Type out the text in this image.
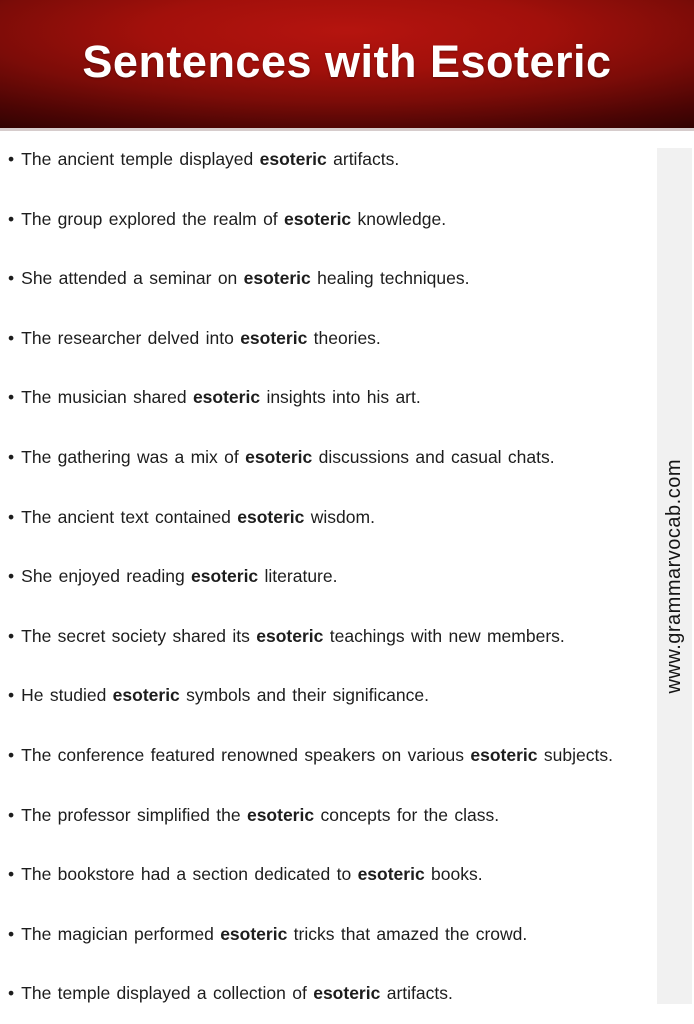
Sentences with Esoteric
• The ancient temple displayed esoteric artifacts.
• The group explored the realm of esoteric knowledge.
• She attended a seminar on esoteric healing techniques.
• The researcher delved into esoteric theories.
• The musician shared esoteric insights into his art.
• The gathering was a mix of esoteric discussions and casual chats.
• The ancient text contained esoteric wisdom.
• She enjoyed reading esoteric literature.
• The secret society shared its esoteric teachings with new members.
• He studied esoteric symbols and their significance.
• The conference featured renowned speakers on various esoteric subjects.
• The professor simplified the esoteric concepts for the class.
• The bookstore had a section dedicated to esoteric books.
• The magician performed esoteric tricks that amazed the crowd.
• The temple displayed a collection of esoteric artifacts.
www.grammarvocab.com
